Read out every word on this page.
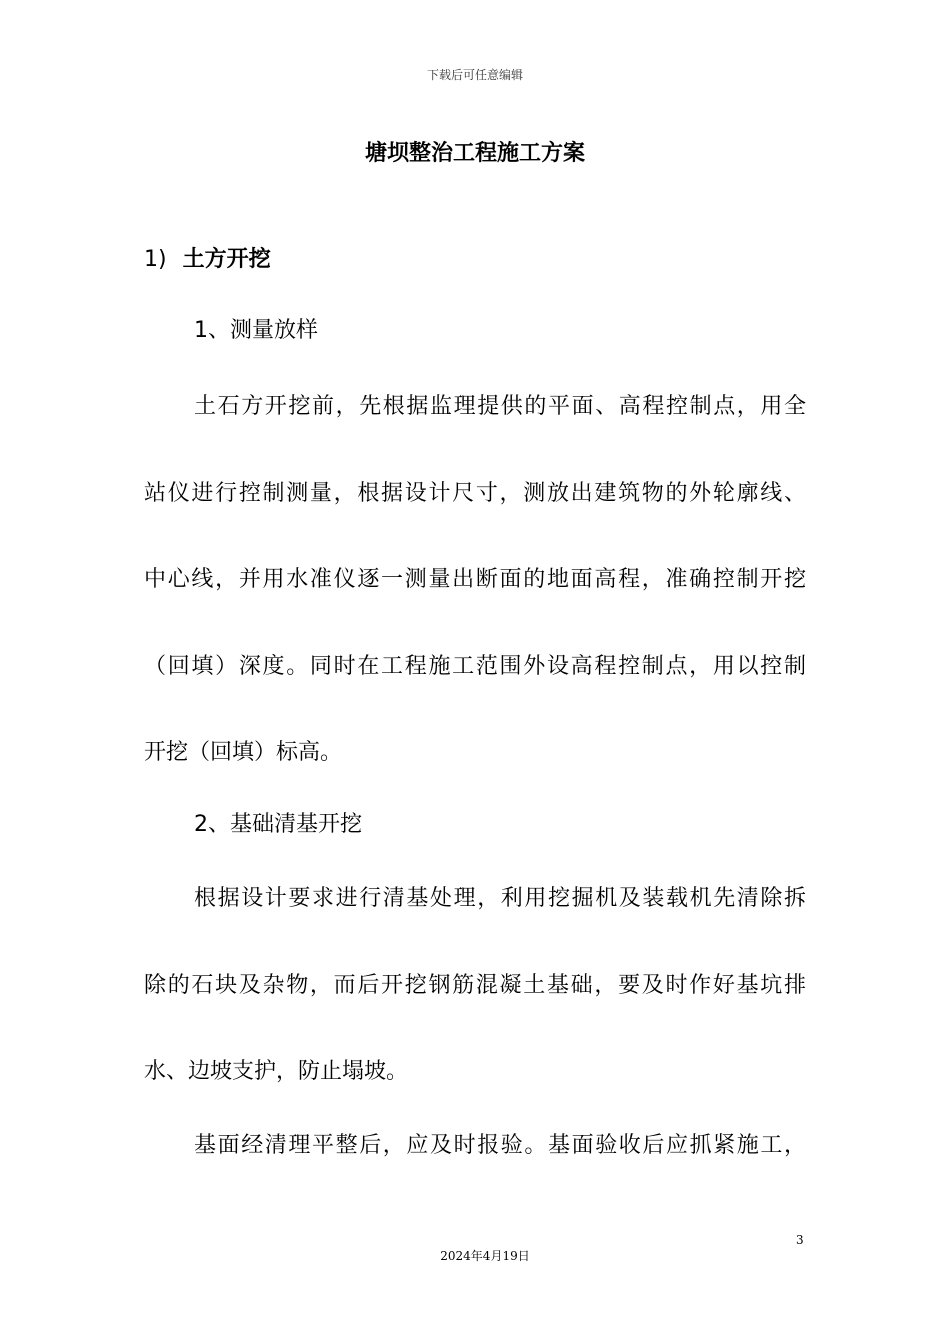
下载后可任意编辑
塘坝整治工程施工方案
1) 土方开挖
1、测量放样
土石方开挖前，先根据监理提供的平面、高程控制点，用全
站仪进行控制测量，根据设计尺寸，测放出建筑物的外轮廓线、
中心线，并用水准仪逐一测量出断面的地面高程，准确控制开挖
（回填）深度。同时在工程施工范围外设高程控制点，用以控制
开挖（回填）标高。
2、基础清基开挖
根据设计要求进行清基处理，利用挖掘机及装载机先清除拆
除的石块及杂物，而后开挖钢筋混凝土基础，要及时作好基坑排
水、边坡支护，防止塌坡。
基面经清理平整后，应及时报验。基面验收后应抓紧施工，
3
2024年4月19日
